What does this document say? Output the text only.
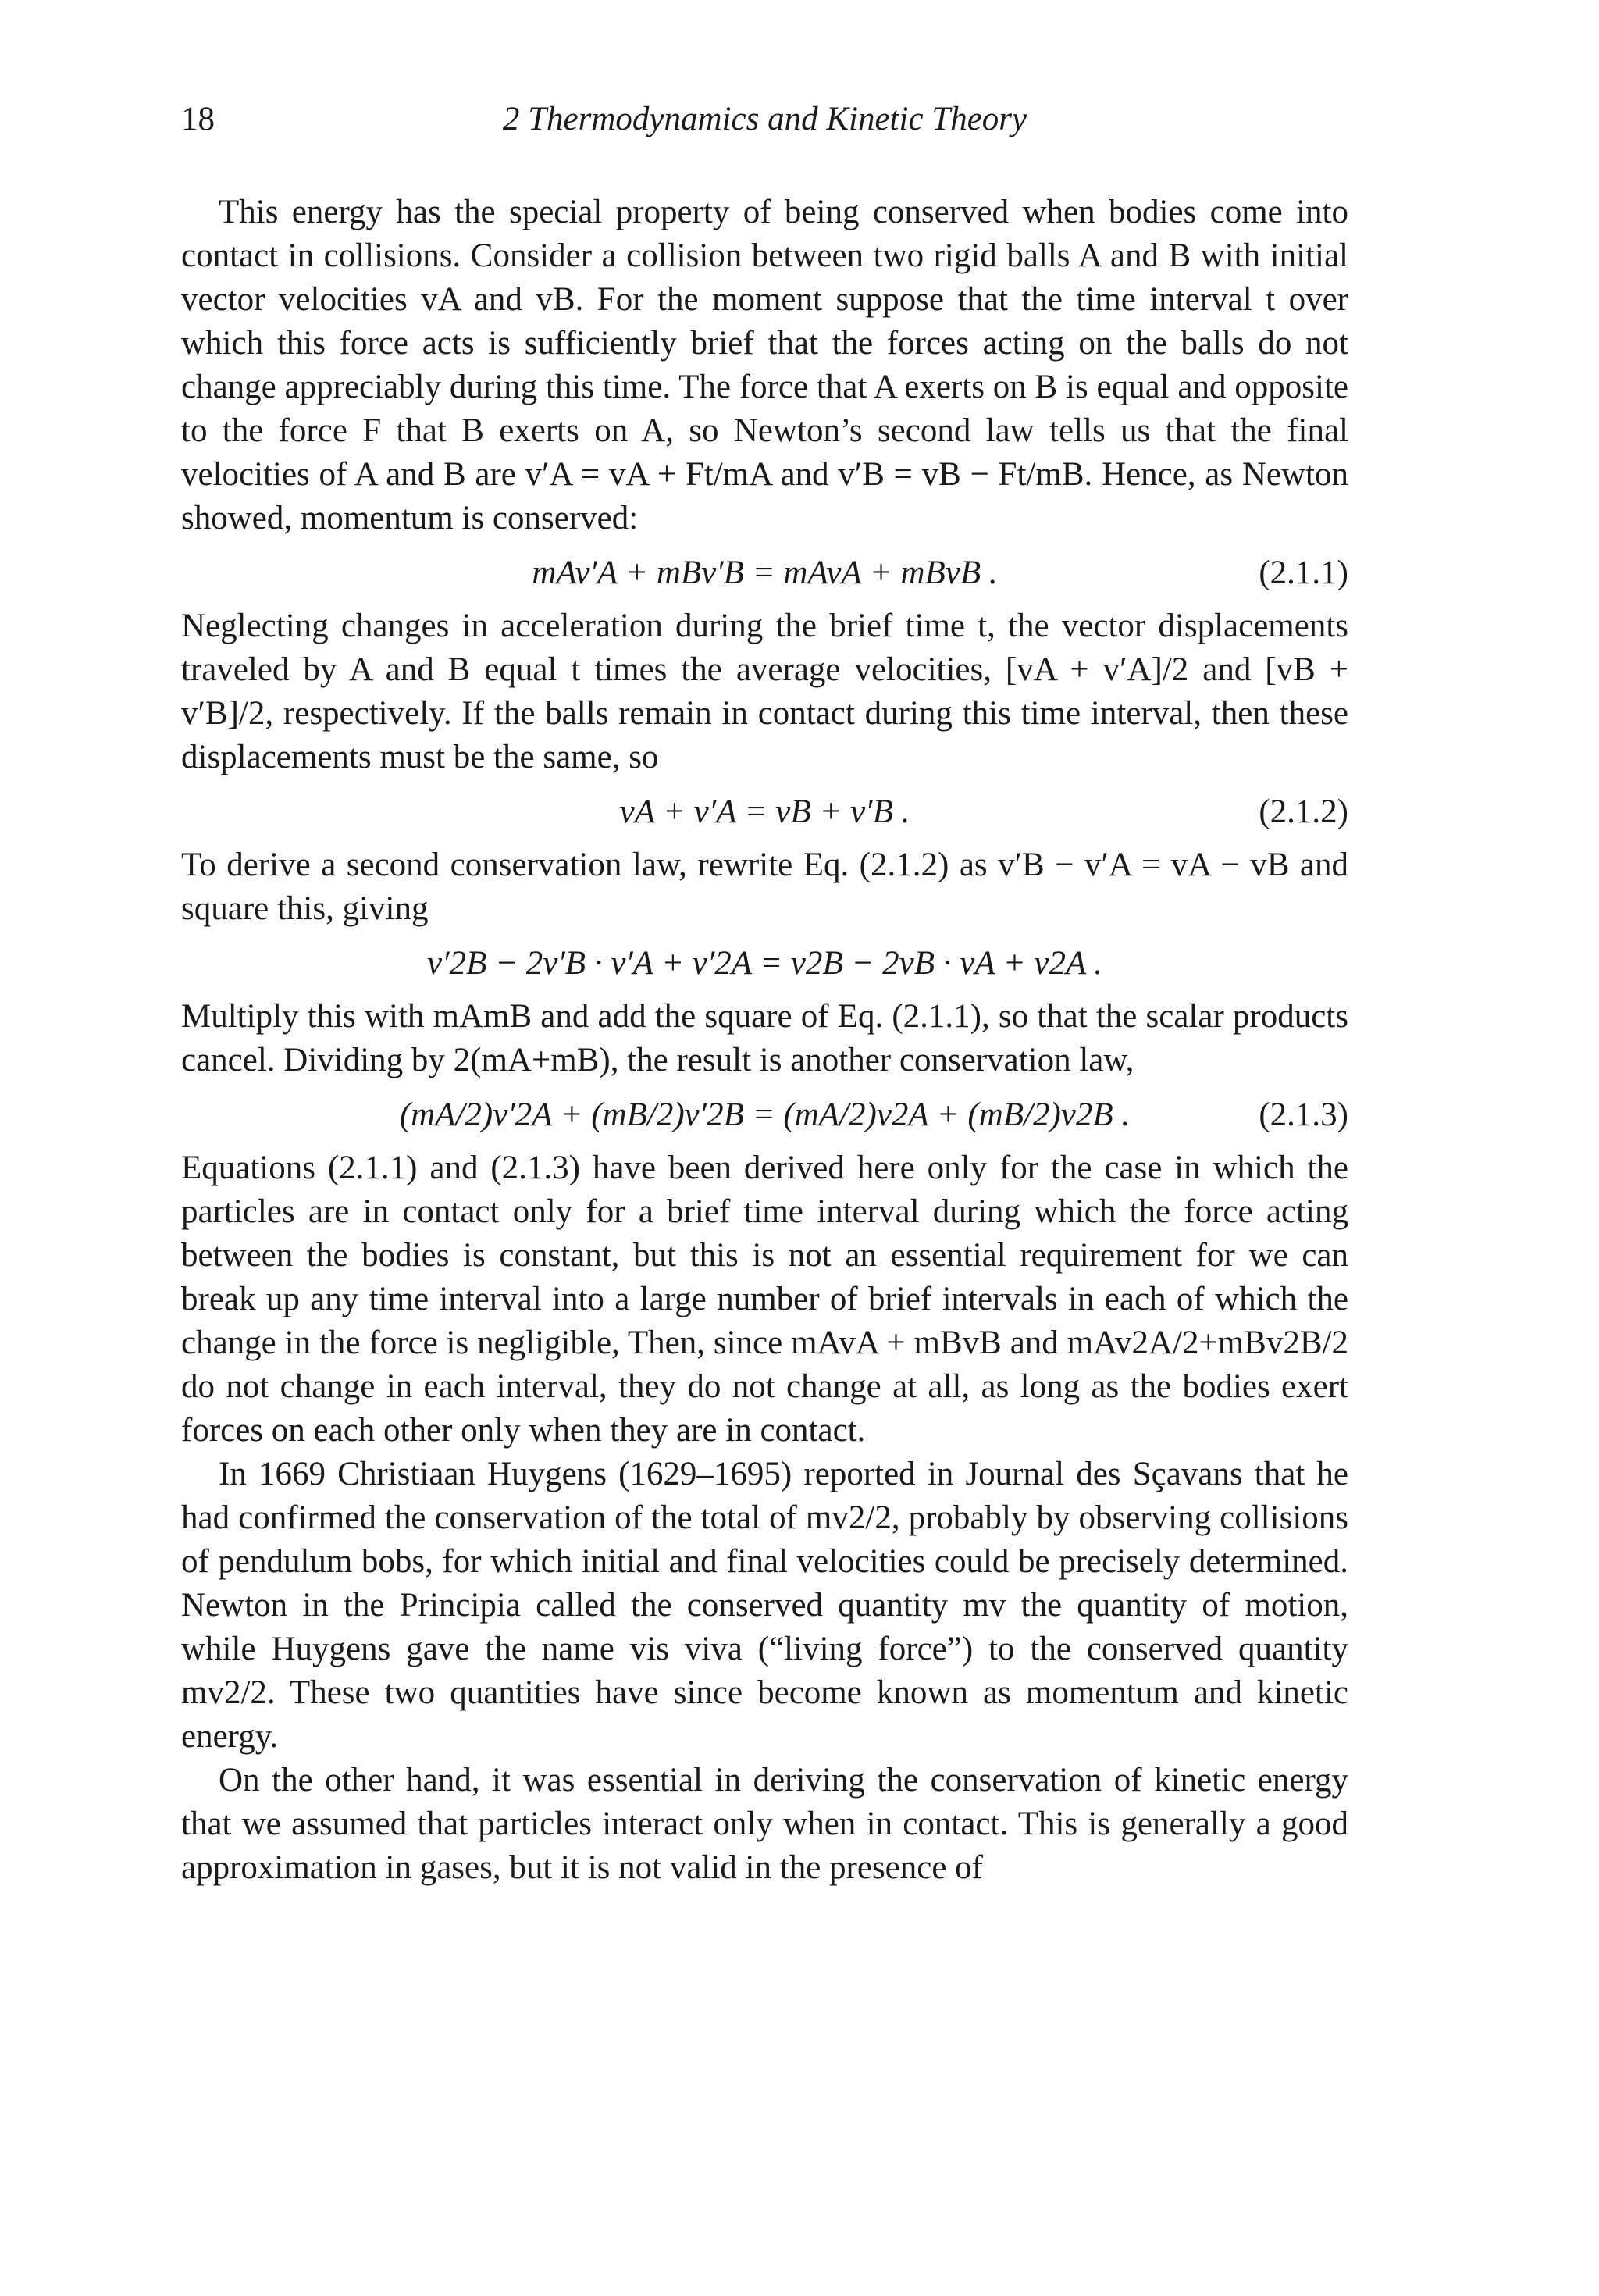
18	2 Thermodynamics and Kinetic Theory

This energy has the special property of being conserved when bodies come into contact in collisions. Consider a collision between two rigid balls A and B with initial vector velocities vA and vB. For the moment suppose that the time interval t over which this force acts is sufficiently brief that the forces acting on the balls do not change appreciably during this time. The force that A exerts on B is equal and opposite to the force F that B exerts on A, so Newton’s second law tells us that the final velocities of A and B are v′A = vA + Ft/mA and v′B = vB − Ft/mB. Hence, as Newton showed, momentum is conserved:

mAv′A + mBv′B = mAvA + mBvB .	(2.1.1)

Neglecting changes in acceleration during the brief time t, the vector displacements traveled by A and B equal t times the average velocities, [vA + v′A]/2 and [vB + v′B]/2, respectively. If the balls remain in contact during this time interval, then these displacements must be the same, so

vA + v′A = vB + v′B .	(2.1.2)

To derive a second conservation law, rewrite Eq. (2.1.2) as v′B − v′A = vA − vB and square this, giving

v′2B − 2v′B · v′A + v′2A = v2B − 2vB · vA + v2A .

Multiply this with mAmB and add the square of Eq. (2.1.1), so that the scalar products cancel. Dividing by 2(mA+mB), the result is another conservation law,

(mA/2)v′2A + (mB/2)v′2B = (mA/2)v2A + (mB/2)v2B .	(2.1.3)

Equations (2.1.1) and (2.1.3) have been derived here only for the case in which the particles are in contact only for a brief time interval during which the force acting between the bodies is constant, but this is not an essential requirement for we can break up any time interval into a large number of brief intervals in each of which the change in the force is negligible, Then, since mAvA + mBvB and mAv2A/2+mBv2B/2 do not change in each interval, they do not change at all, as long as the bodies exert forces on each other only when they are in contact.

In 1669 Christiaan Huygens (1629–1695) reported in Journal des Sçavans that he had confirmed the conservation of the total of mv2/2, probably by observing collisions of pendulum bobs, for which initial and final velocities could be precisely determined. Newton in the Principia called the conserved quantity mv the quantity of motion, while Huygens gave the name vis viva (“living force”) to the conserved quantity mv2/2. These two quantities have since become known as momentum and kinetic energy.

On the other hand, it was essential in deriving the conservation of kinetic energy that we assumed that particles interact only when in contact. This is generally a good approximation in gases, but it is not valid in the presence of
